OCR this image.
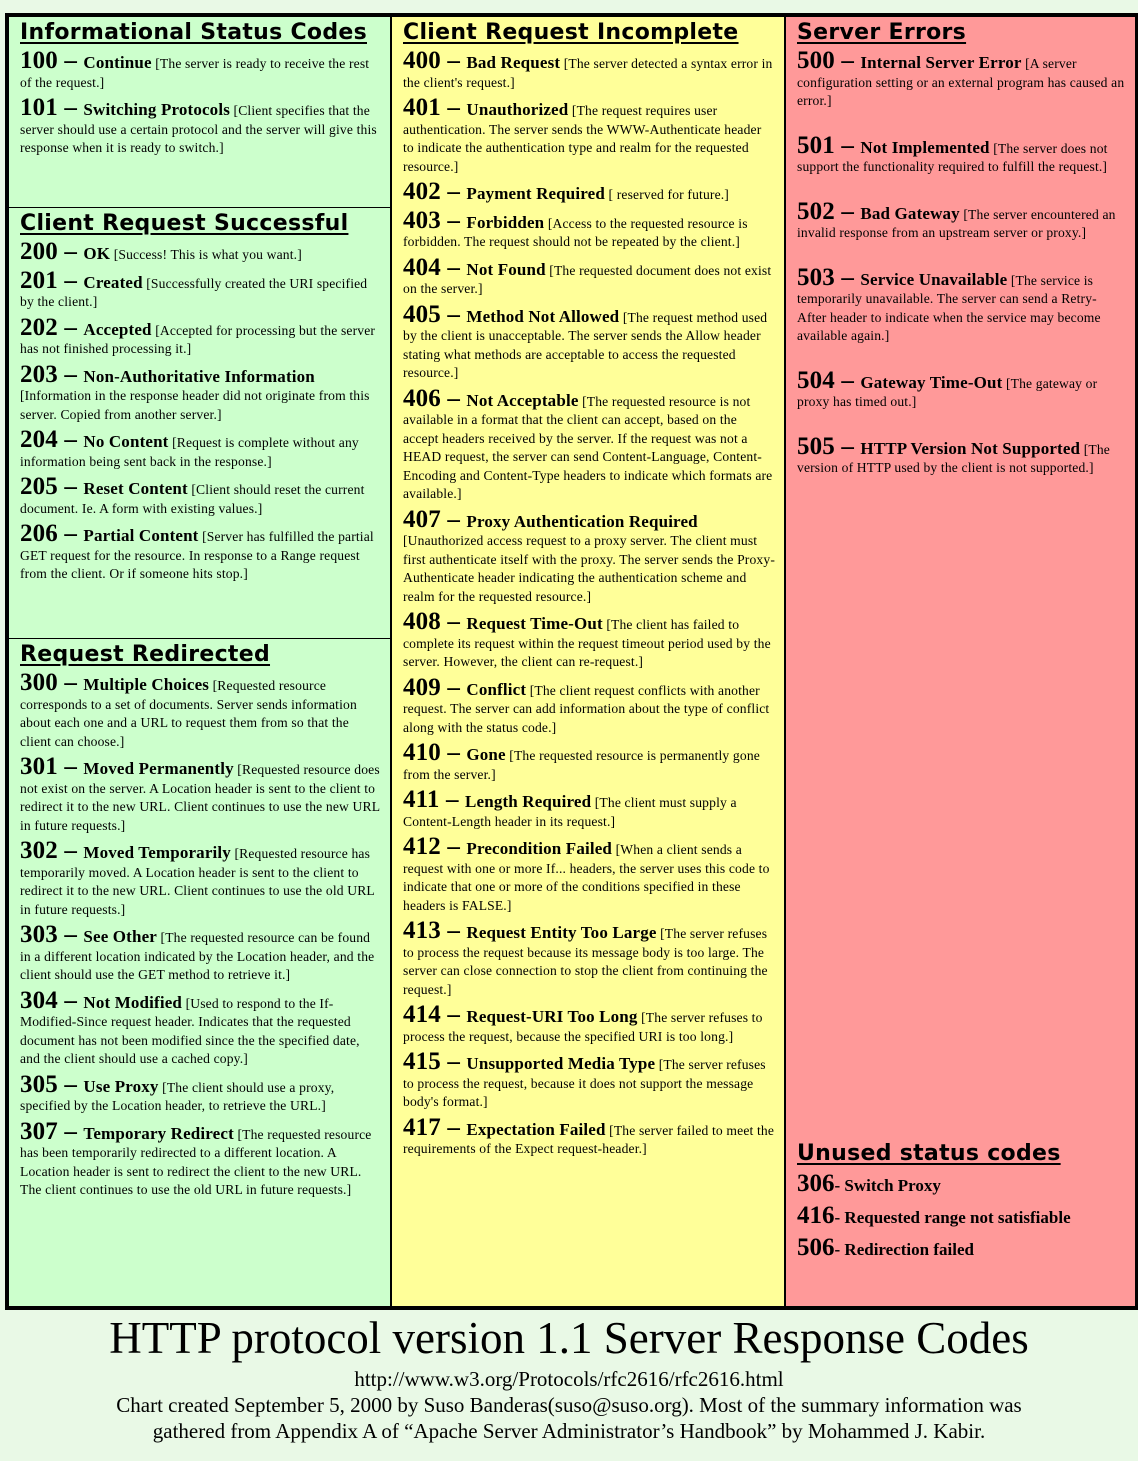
Informational Status Codes
100 – Continue [The server is ready to receive the rest of the request.]
101 – Switching Protocols [Client specifies that the server should use a certain protocol and the server will give this response when it is ready to switch.]
Client Request Successful
200 – OK [Success! This is what you want.]
201 – Created [Successfully created the URI specified by the client.]
202 – Accepted [Accepted for processing but the server has not finished processing it.]
203 – Non-Authoritative Information [Information in the response header did not originate from this server. Copied from another server.]
204 – No Content [Request is complete without any information being sent back in the response.]
205 – Reset Content [Client should reset the current document. Ie. A form with existing values.]
206 – Partial Content [Server has fulfilled the partial GET request for the resource. In response to a Range request from the client. Or if someone hits stop.]
Request Redirected
300 – Multiple Choices [Requested resource corresponds to a set of documents. Server sends information about each one and a URL to request them from so that the client can choose.]
301 – Moved Permanently [Requested resource does not exist on the server. A Location header is sent to the client to redirect it to the new URL. Client continues to use the new URL in future requests.]
302 – Moved Temporarily [Requested resource has temporarily moved. A Location header is sent to the client to redirect it to the new URL. Client continues to use the old URL in future requests.]
303 – See Other [The requested resource can be found in a different location indicated by the Location header, and the client should use the GET method to retrieve it.]
304 – Not Modified [Used to respond to the If-Modified-Since request header. Indicates that the requested document has not been modified since the the specified date, and the client should use a cached copy.]
305 – Use Proxy [The client should use a proxy, specified by the Location header, to retrieve the URL.]
307 – Temporary Redirect [The requested resource has been temporarily redirected to a different location. A Location header is sent to redirect the client to the new URL. The client continues to use the old URL in future requests.]
Client Request Incomplete
400 – Bad Request [The server detected a syntax error in the client's request.]
401 – Unauthorized [The request requires user authentication. The server sends the WWW-Authenticate header to indicate the authentication type and realm for the requested resource.]
402 – Payment Required [ reserved for future.]
403 – Forbidden [Access to the requested resource is forbidden. The request should not be repeated by the client.]
404 – Not Found [The requested document does not exist on the server.]
405 – Method Not Allowed [The request method used by the client is unacceptable. The server sends the Allow header stating what methods are acceptable to access the requested resource.]
406 – Not Acceptable [The requested resource is not available in a format that the client can accept, based on the accept headers received by the server. If the request was not a HEAD request, the server can send Content-Language, Content-Encoding and Content-Type headers to indicate which formats are available.]
407 – Proxy Authentication Required [Unauthorized access request to a proxy server. The client must first authenticate itself with the proxy. The server sends the Proxy-Authenticate header indicating the authentication scheme and realm for the requested resource.]
408 – Request Time-Out [The client has failed to complete its request within the request timeout period used by the server. However, the client can re-request.]
409 – Conflict [The client request conflicts with another request. The server can add information about the type of conflict along with the status code.]
410 – Gone [The requested resource is permanently gone from the server.]
411 – Length Required [The client must supply a Content-Length header in its request.]
412 – Precondition Failed [When a client sends a request with one or more If... headers, the server uses this code to indicate that one or more of the conditions specified in these headers is FALSE.]
413 – Request Entity Too Large [The server refuses to process the request because its message body is too large. The server can close connection to stop the client from continuing the request.]
414 – Request-URI Too Long [The server refuses to process the request, because the specified URI is too long.]
415 – Unsupported Media Type [The server refuses to process the request, because it does not support the message body's format.]
417 – Expectation Failed [The server failed to meet the requirements of the Expect request-header.]
Server Errors
500 – Internal Server Error [A server configuration setting or an external program has caused an error.]
501 – Not Implemented [The server does not support the functionality required to fulfill the request.]
502 – Bad Gateway [The server encountered an invalid response from an upstream server or proxy.]
503 – Service Unavailable [The service is temporarily unavailable. The server can send a Retry-After header to indicate when the service may become available again.]
504 – Gateway Time-Out [The gateway or proxy has timed out.]
505 – HTTP Version Not Supported [The version of HTTP used by the client is not supported.]
Unused status codes
306- Switch Proxy
416- Requested range not satisfiable
506- Redirection failed
HTTP protocol version 1.1 Server Response Codes
http://www.w3.org/Protocols/rfc2616/rfc2616.html
Chart created September 5, 2000 by Suso Banderas(suso@suso.org). Most of the summary information was
gathered from Appendix A of “Apache Server Administrator’s Handbook” by Mohammed J. Kabir.
